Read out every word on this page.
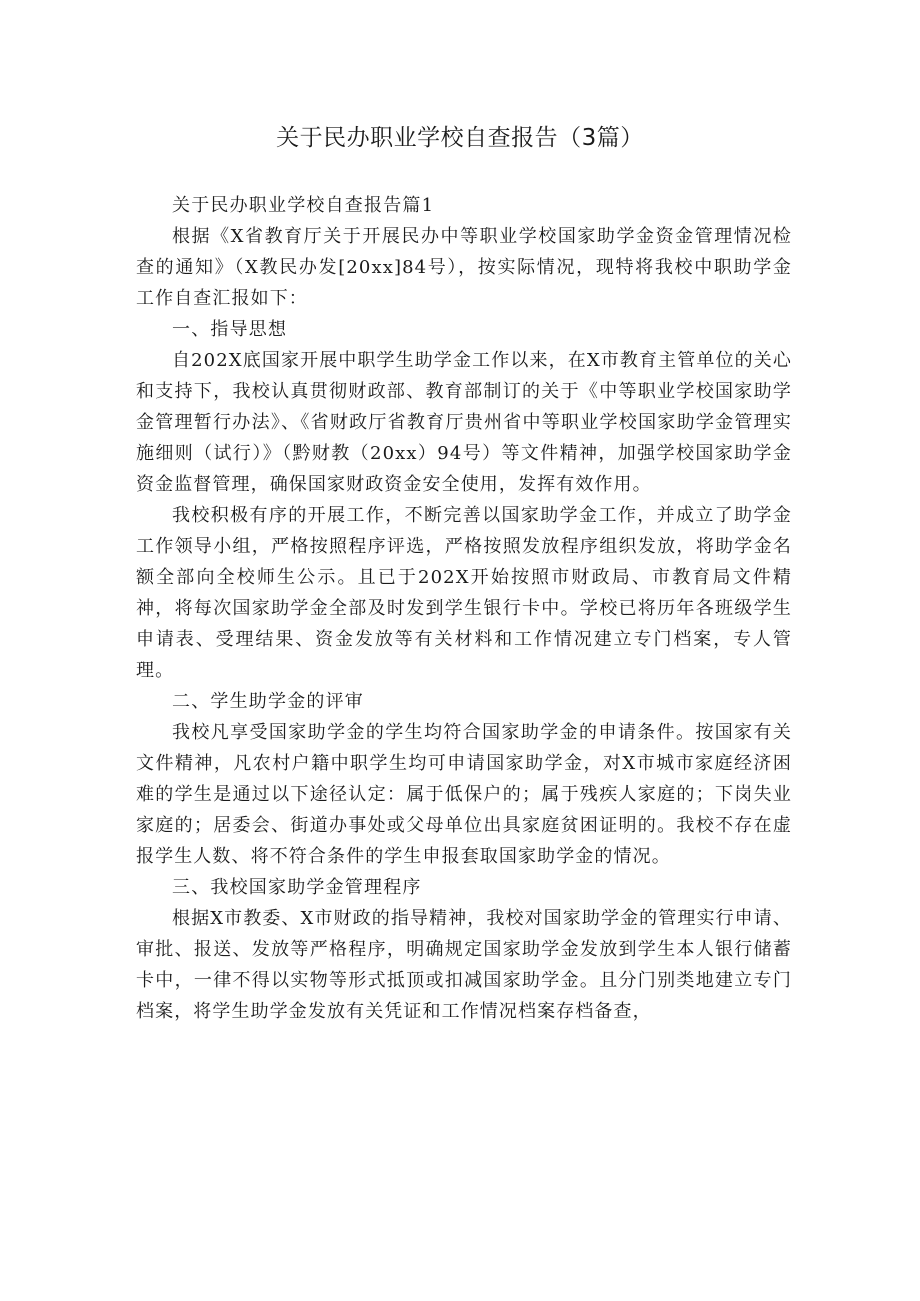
关于民办职业学校自查报告（3篇）

关于民办职业学校自查报告篇1

根据《X省教育厅关于开展民办中等职业学校国家助学金资金管理情况检查的通知》（X教民办发[20xx]84号），按实际情况，现特将我校中职助学金工作自查汇报如下：

一、指导思想

自202X底国家开展中职学生助学金工作以来，在X市教育主管单位的关心和支持下，我校认真贯彻财政部、教育部制订的关于《中等职业学校国家助学金管理暂行办法》、《省财政厅省教育厅贵州省中等职业学校国家助学金管理实施细则（试行）》（黔财教（20xx）94号）等文件精神，加强学校国家助学金资金监督管理，确保国家财政资金安全使用，发挥有效作用。

我校积极有序的开展工作，不断完善以国家助学金工作，并成立了助学金工作领导小组，严格按照程序评选，严格按照发放程序组织发放，将助学金名额全部向全校师生公示。且已于202X开始按照市财政局、市教育局文件精神，将每次国家助学金全部及时发到学生银行卡中。学校已将历年各班级学生申请表、受理结果、资金发放等有关材料和工作情况建立专门档案，专人管理。

二、学生助学金的评审

我校凡享受国家助学金的学生均符合国家助学金的申请条件。按国家有关文件精神，凡农村户籍中职学生均可申请国家助学金，对X市城市家庭经济困难的学生是通过以下途径认定：属于低保户的；属于残疾人家庭的；下岗失业家庭的；居委会、街道办事处或父母单位出具家庭贫困证明的。我校不存在虚报学生人数、将不符合条件的学生申报套取国家助学金的情况。

三、我校国家助学金管理程序

根据X市教委、X市财政的指导精神，我校对国家助学金的管理实行申请、审批、报送、发放等严格程序，明确规定国家助学金发放到学生本人银行储蓄卡中，一律不得以实物等形式抵顶或扣减国家助学金。且分门别类地建立专门档案，将学生助学金发放有关凭证和工作情况档案存档备查，
